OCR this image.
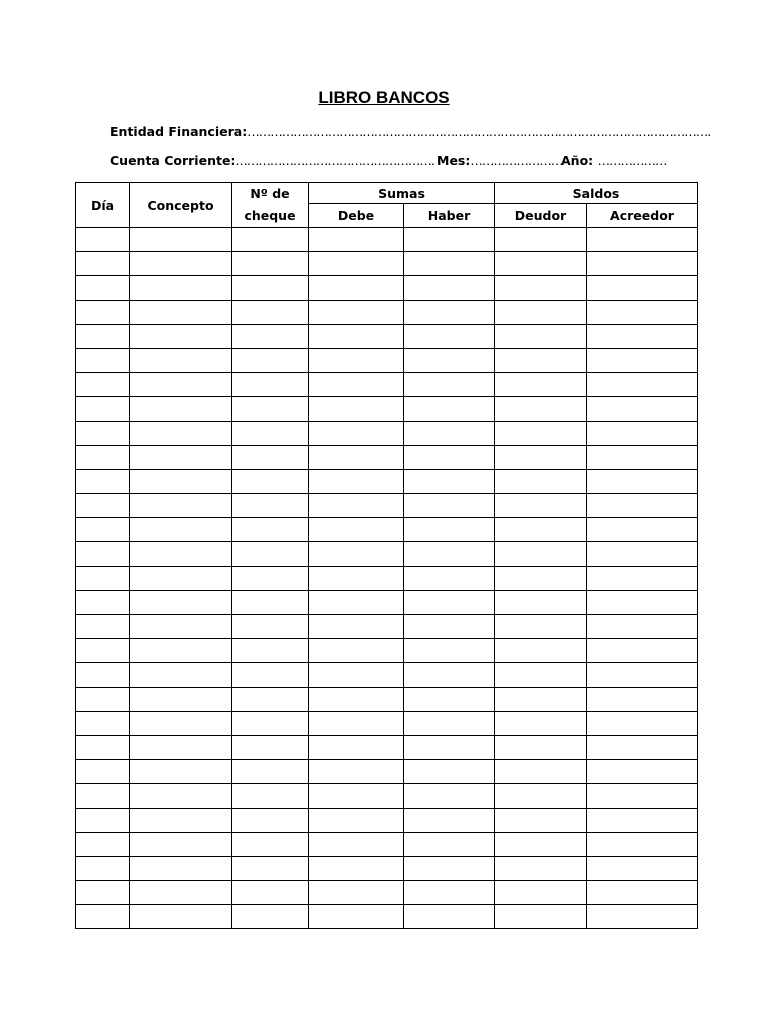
LIBRO BANCOS
Entidad Financiera:………………………………………………………………………………………………………….
Cuenta Corriente:……………………………………………. Mes:……………………
Año: ………………
Día	Concepto	Nº de cheque	Sumas		Saldos	
			Debe	Haber	Deudor	Acreedor
